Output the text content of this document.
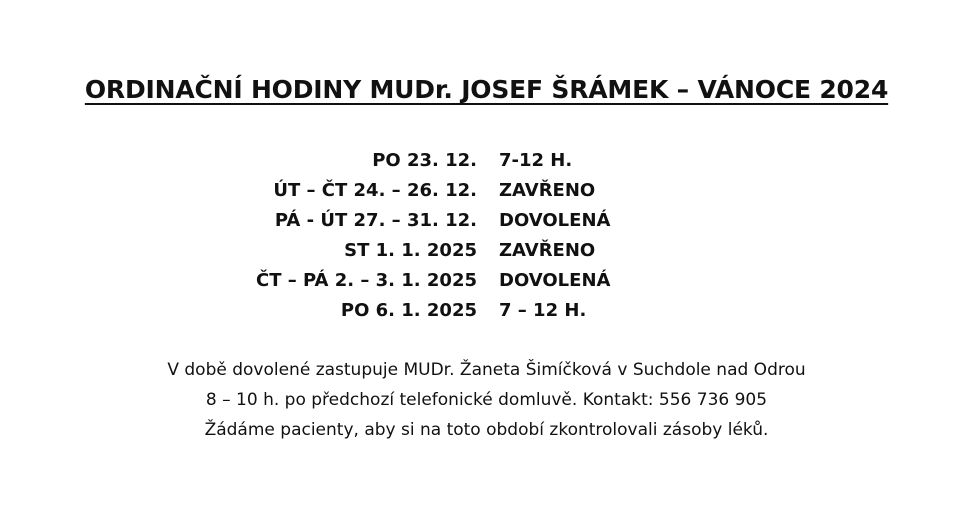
ORDINAČNÍ HODINY MUDr. JOSEF ŠRÁMEK – VÁNOCE 2024
PO 23. 12. 7-12 H.
ÚT – ČT 24. – 26. 12. ZAVŘENO
PÁ - ÚT 27. – 31. 12. DOVOLENÁ
ST 1. 1. 2025 ZAVŘENO
ČT – PÁ 2. – 3. 1. 2025 DOVOLENÁ
PO 6. 1. 2025 7 – 12 H.
V době dovolené zastupuje MUDr. Žaneta Šimíčková v Suchdole nad Odrou
8 – 10 h. po předchozí telefonické domluvě. Kontakt: 556 736 905
Žádáme pacienty, aby si na toto období zkontrolovali zásoby léků.
